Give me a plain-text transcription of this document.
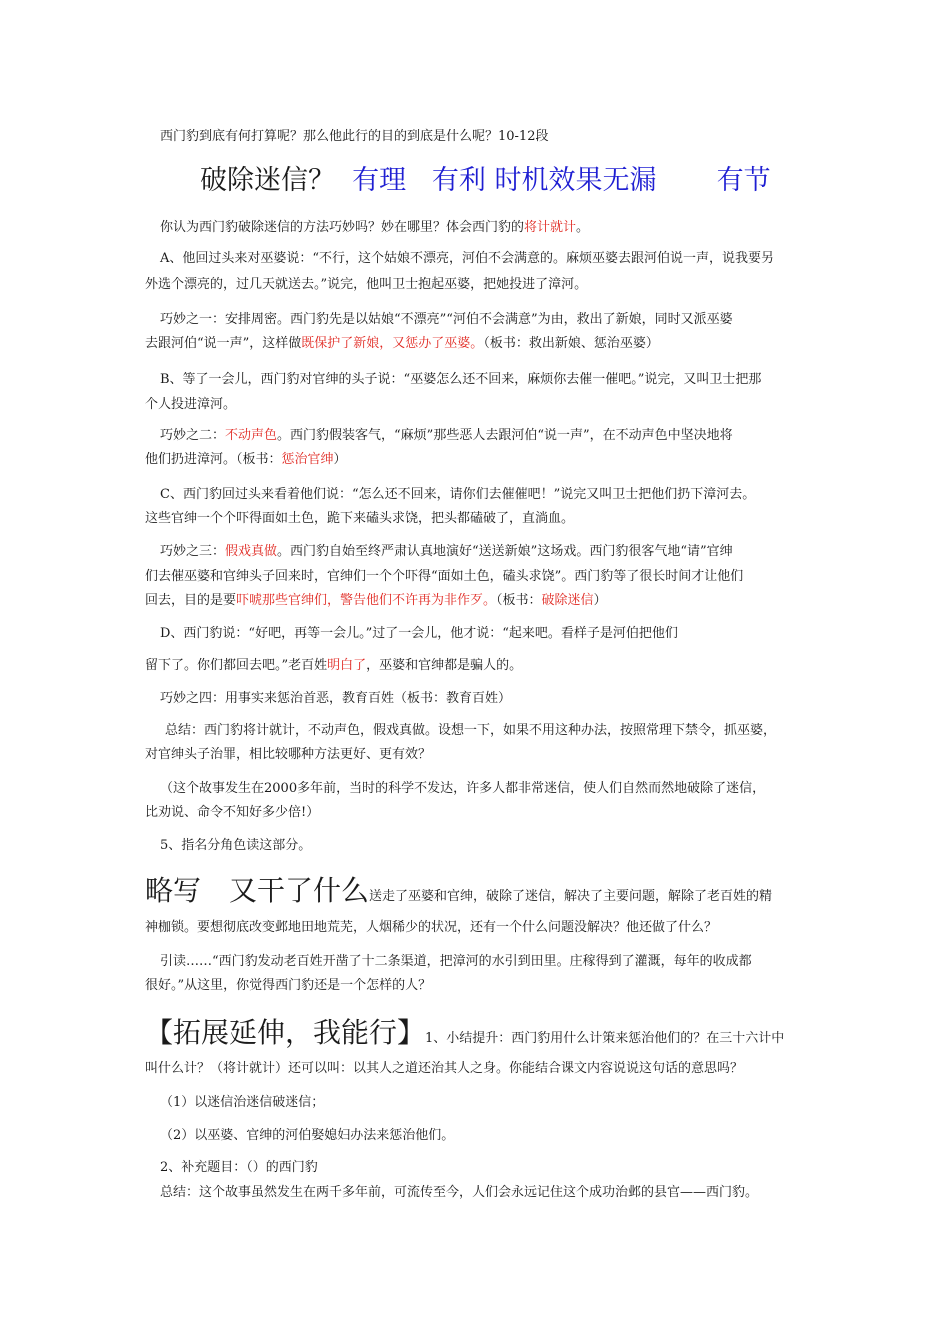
西门豹到底有何打算呢？那么他此行的目的到底是什么呢？10-12段
破除迷信？ 有理 有利 时机效果无漏 有节
你认为西门豹破除迷信的方法巧妙吗？妙在哪里？体会西门豹的将计就计。
A、他回过头来对巫婆说：“不行，这个姑娘不漂亮，河伯不会满意的。麻烦巫婆去跟河伯说一声，说我要另
外选个漂亮的，过几天就送去。”说完，他叫卫士抱起巫婆，把她投进了漳河。
巧妙之一：安排周密。西门豹先是以姑娘“不漂亮”“河伯不会满意”为由，救出了新娘，同时又派巫婆
去跟河伯“说一声”，这样做既保护了新娘，又惩办了巫婆。（板书：救出新娘、惩治巫婆）
B、等了一会儿，西门豹对官绅的头子说：“巫婆怎么还不回来，麻烦你去催一催吧。”说完，又叫卫士把那
个人投进漳河。
巧妙之二：不动声色。西门豹假装客气，“麻烦”那些恶人去跟河伯“说一声”，在不动声色中坚决地将
他们扔进漳河。（板书：惩治官绅）
C、西门豹回过头来看着他们说：“怎么还不回来，请你们去催催吧！”说完又叫卫士把他们扔下漳河去。
这些官绅一个个吓得面如土色，跪下来磕头求饶，把头都磕破了，直淌血。
巧妙之三：假戏真做。西门豹自始至终严肃认真地演好“送送新娘”这场戏。西门豹很客气地“请”官绅
们去催巫婆和官绅头子回来时，官绅们一个个吓得“面如土色，磕头求饶”。西门豹等了很长时间才让他们
回去，目的是要吓唬那些官绅们，警告他们不许再为非作歹。（板书：破除迷信）
D、西门豹说：“好吧，再等一会儿。”过了一会儿，他才说：“起来吧。看样子是河伯把他们
留下了。你们都回去吧。”老百姓明白了，巫婆和官绅都是骗人的。
巧妙之四：用事实来惩治首恶，教育百姓（板书：教育百姓）
总结：西门豹将计就计，不动声色，假戏真做。设想一下，如果不用这种办法，按照常理下禁令，抓巫婆，
对官绅头子治罪，相比较哪种方法更好、更有效？
（这个故事发生在2000多年前，当时的科学不发达，许多人都非常迷信，使人们自然而然地破除了迷信，
比劝说、命令不知好多少倍!）
5、指名分角色读这部分。
略写　又干了什么送走了巫婆和官绅，破除了迷信，解决了主要问题，解除了老百姓的精
神枷锁。要想彻底改变邺地田地荒芜，人烟稀少的状况，还有一个什么问题没解决？他还做了什么？
引读……“西门豹发动老百姓开凿了十二条渠道，把漳河的水引到田里。庄稼得到了灌溉，每年的收成都
很好。”从这里，你觉得西门豹还是一个怎样的人？
【拓展延伸，我能行】1、小结提升：西门豹用什么计策来惩治他们的？在三十六计中
叫什么计？（将计就计）还可以叫：以其人之道还治其人之身。你能结合课文内容说说这句话的意思吗？
（1）以迷信治迷信破迷信；
（2）以巫婆、官绅的河伯娶媳妇办法来惩治他们。
2、补充题目：（）的西门豹
总结：这个故事虽然发生在两千多年前，可流传至今，人们会永远记住这个成功治邺的县官——西门豹。
